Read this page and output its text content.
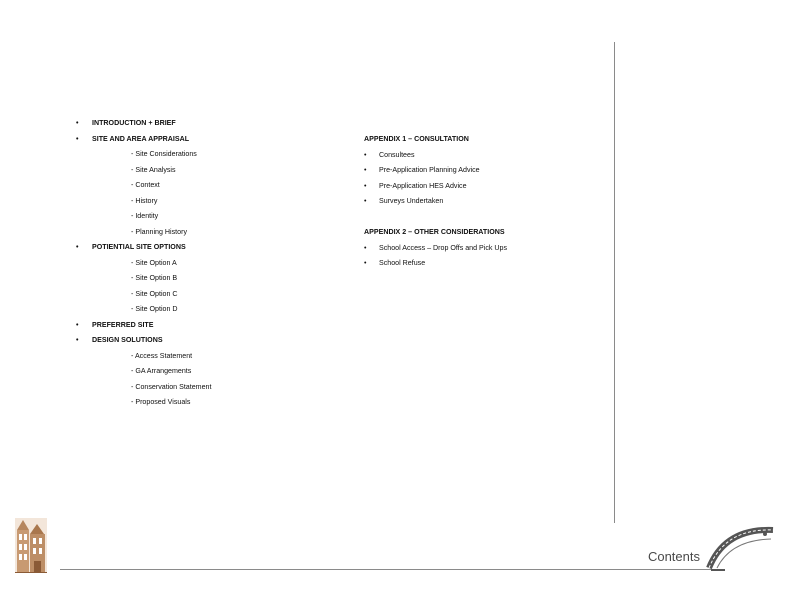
• INTRODUCTION + BRIEF
• SITE AND AREA APPRAISAL
- Site Considerations
- Site Analysis
- Context
- History
- Identity
- Planning History
• POTIENTIAL SITE OPTIONS
- Site Option A
- Site Option B
- Site Option C
- Site Option D
• PREFERRED SITE
• DESIGN SOLUTIONS
- Access Statement
- GA Arrangements
- Conservation Statement
- Proposed Visuals
APPENDIX 1 – CONSULTATION
• Consultees
• Pre-Application Planning Advice
• Pre-Application HES Advice
• Surveys Undertaken
APPENDIX 2 – OTHER CONSIDERATIONS
• School Access – Drop Offs and Pick Ups
• School Refuse
Contents
